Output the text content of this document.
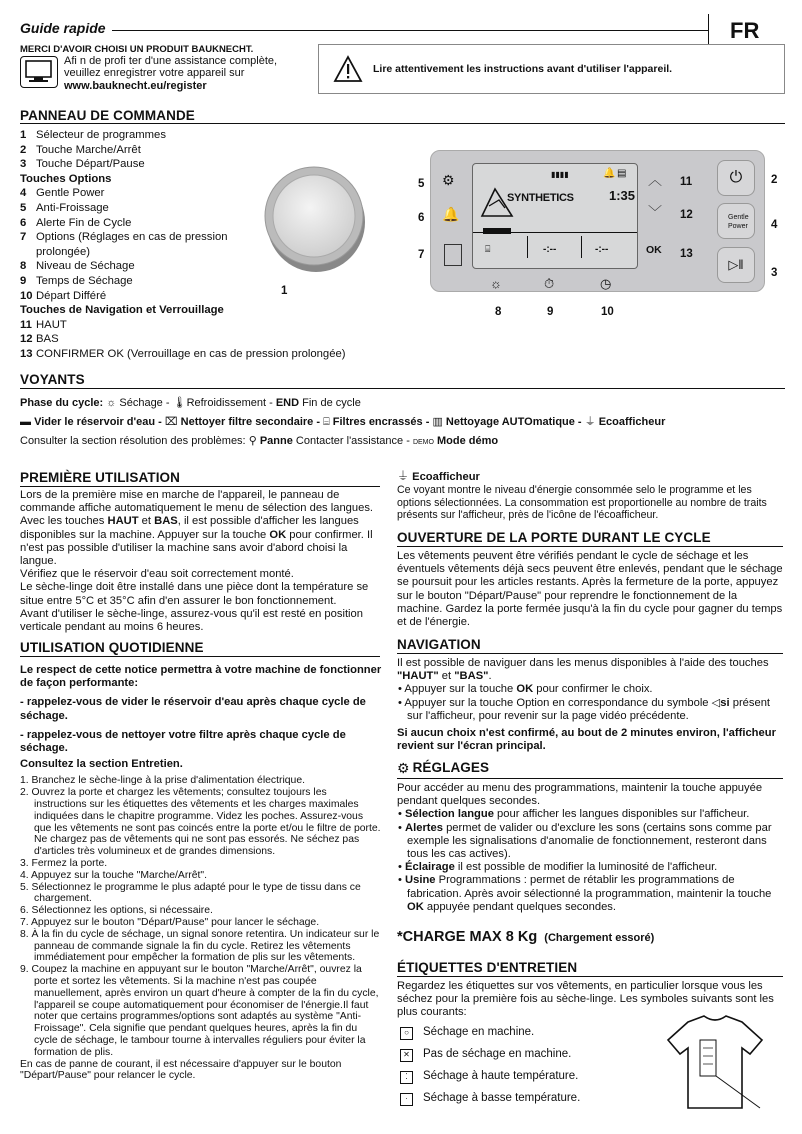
Guide rapide	FR
MERCI D'AVOIR CHOISI UN PRODUIT BAUKNECHT.
Afi n de profi ter d'une assistance complète,
veuillez enregistrer votre appareil sur
www.bauknecht.eu/register
Lire attentivement les instructions avant d'utiliser l'appareil.
PANNEAU DE COMMANDE
1 Sélecteur de programmes
2 Touche Marche/Arrêt
3 Touche Départ/Pause
Touches Options
4 Gentle Power
5 Anti-Froissage
6 Alerte Fin de Cycle
7 Options (Réglages en cas de pression
prolongée)
8 Niveau de Séchage
9 Temps de Séchage
10 Départ Différé
Touches de Navigation et Verrouillage
11 HAUT
12 BAS
13 CONFIRMER OK (Verrouillage en cas de pression prolongée)
1
SYNTHETICS	1:35
▮▮▮▮	🔔 ▤
⌸	-:--	-:--
⚙
🔔
5
6
7
︿
﹀
OK
11
12
13
⏻
Gentle
Power
▷‖
2
4
3
☼	⏱	◷
8	9	10
VOYANTS
Phase du cycle: ☼ Séchage - 🌡Refroidissement - END Fin de cycle
▬ Vider le réservoir d'eau - ⌧ Nettoyer filtre secondaire - ⌸ Filtres encrassés - ▥ Nettoyage AUTOmatique - ⏚ Ecoafficheur
Consulter la section résolution des problèmes: ⚲ Panne Contacter l'assistance - DEMO Mode démo
PREMIÈRE UTILISATION

Lors de la première mise en marche de l'appareil, le panneau de commande affiche automatiquement le menu de sélection des langues. Avec les touches HAUT et BAS, il est possible d'afficher les langues disponibles sur la machine. Appuyer sur la touche OK pour confirmer. Il n'est pas possible d'utiliser la machine sans avoir d'abord choisi la langue.

Vérifiez que le réservoir d'eau soit correctement monté.

Le sèche-linge doit être installé dans une pièce dont la température se situe entre 5°C et 35°C afin d'en assurer le bon fonctionnement.

Avant d'utiliser le sèche-linge, assurez-vous qu'il est resté en position verticale pendant au moins 6 heures.

UTILISATION QUOTIDIENNE

Le respect de cette notice permettra à votre machine de fonctionner de façon performante:

- rappelez-vous de vider le réservoir d'eau après chaque cycle de séchage.

- rappelez-vous de nettoyer votre filtre après chaque cycle de séchage.

Consultez la section Entretien.

1. Branchez le sèche-linge à la prise d'alimentation électrique.
2. Ouvrez la porte et chargez les vêtements; consultez toujours les instructions sur les étiquettes des vêtements et les charges maximales indiquées dans le chapitre programme. Videz les poches. Assurez-vous que les vêtements ne sont pas coincés entre la porte et/ou le filtre de porte. Ne chargez pas de vêtements qui ne sont pas essorés. Ne séchez pas d'articles très volumineux et de grandes dimensions.
3. Fermez la porte.
4. Appuyez sur la touche "Marche/Arrêt".
5. Sélectionnez le programme le plus adapté pour le type de tissu dans ce chargement.
6. Sélectionnez les options, si nécessaire.
7. Appuyez sur le bouton "Départ/Pause" pour lancer le séchage.
8. À la fin du cycle de séchage, un signal sonore retentira. Un indicateur sur le panneau de commande signale la fin du cycle. Retirez les vêtements immédiatement pour empêcher la formation de plis sur les vêtements.
9. Coupez la machine en appuyant sur le bouton "Marche/Arrêt", ouvrez la porte et sortez les vêtements. Si la machine n'est pas coupée manuellement, après environ un quart d'heure à compter de la fin du cycle, l'appareil se coupe automatiquement pour économiser de l'énergie.Il faut noter que certains programmes/options sont adaptés au système "Anti-Froissage". Cela signifie que pendant quelques heures, après la fin du cycle de séchage, le tambour tourne à intervalles réguliers pour éviter la formation de plis.

En cas de panne de courant, il est nécessaire d'appuyer sur le bouton "Départ/Pause" pour relancer le cycle.

⏚ Ecoafficheur

Ce voyant montre le niveau d'énergie consommée selo le programme et les options sélectionnées. La consommation est proportionelle au nombre de traits présents sur l'afficheur, près de l'icône de l'écoafficheur.

OUVERTURE DE LA PORTE DURANT LE CYCLE

Les vêtements peuvent être vérifiés pendant le cycle de séchage et les éventuels vêtements déjà secs peuvent être enlevés, pendant que le séchage se poursuit pour les articles restants. Après la fermeture de la porte, appuyez sur le bouton "Départ/Pause" pour reprendre le fonctionnement de la machine. Gardez la porte fermée jusqu'à la fin du cycle pour gagner du temps et de l'énergie.

NAVIGATION

Il est possible de naviguer dans les menus disponibles à l'aide des touches "HAUT" et "BAS".

• Appuyer sur la touche OK pour confirmer le choix.
• Appuyer sur la touche Option en correspondance du symbole ◁si présent sur l'afficheur, pour revenir sur la page vidéo précédente.

Si aucun choix n'est confirmé, au bout de 2 minutes environ, l'afficheur revient sur l'écran principal.

⚙ RÉGLAGES

Pour accéder au menu des programmations, maintenir la touche appuyée pendant quelques secondes.

• Sélection langue pour afficher les langues disponibles sur l'afficheur.
• Alertes permet de valider ou d'exclure les sons (certains sons comme par exemple les signalisations d'anomalie de fonctionnement, resteront dans tous les cas actives).
• Éclairage il est possible de modifier la luminosité de l'afficheur.
• Usine Programmations : permet de rétablir les programmations de fabrication. Après avoir sélectionné la programmation, maintenir la touche OK appuyée pendant quelques secondes.
*CHARGE MAX 8 Kg (Chargement essoré)
ÉTIQUETTES D'ENTRETIEN

Regardez les étiquettes sur vos vêtements, en particulier lorsque vous les séchez pour la première fois au sèche-linge. Les symboles suivants sont les plus courants:

○	Séchage en machine.
✕ Pas de séchage en machine.
⁚	Séchage à haute température.
·	Séchage à basse température.
